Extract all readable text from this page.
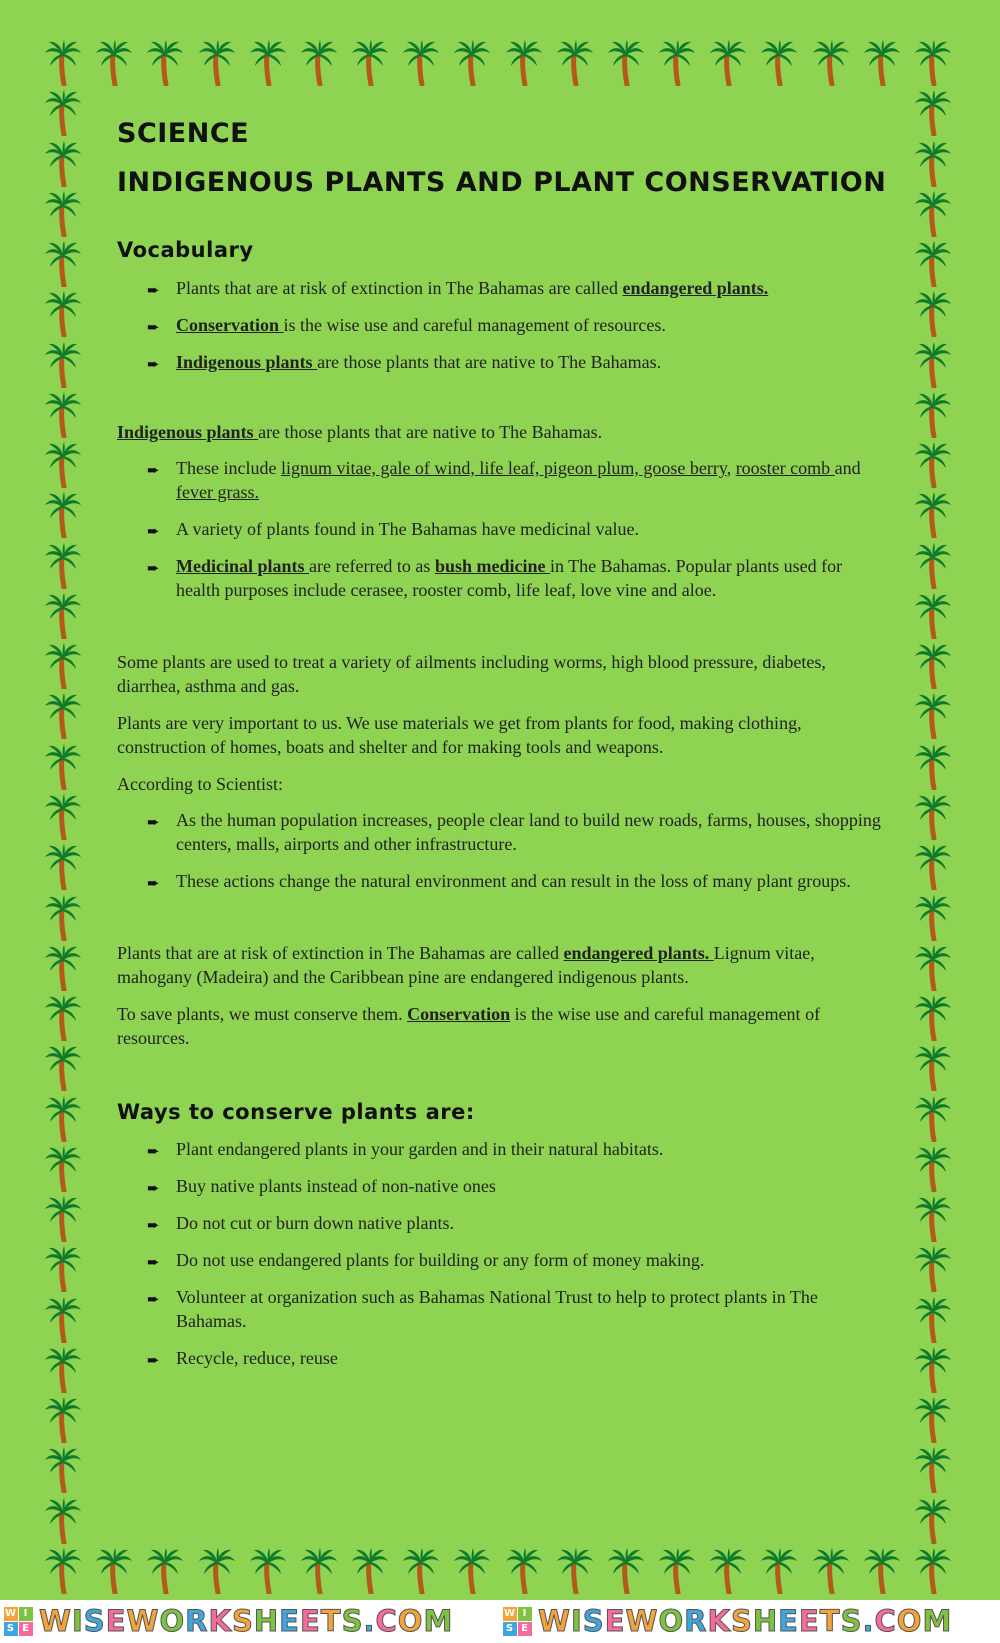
SCIENCE
INDIGENOUS PLANTS AND PLANT CONSERVATION
Vocabulary
➨ Plants that are at risk of extinction in The Bahamas are called endangered plants.
➨ Conservation is the wise use and careful management of resources.
➨ Indigenous plants are those plants that are native to The Bahamas.

Indigenous plants are those plants that are native to The Bahamas.

➨ These include lignum vitae, gale of wind, life leaf, pigeon plum, goose berry, rooster comb and fever grass.
➨ A variety of plants found in The Bahamas have medicinal value.
➨ Medicinal plants are referred to as bush medicine in The Bahamas. Popular plants used for health purposes include cerasee, rooster comb, life leaf, love vine and aloe.

Some plants are used to treat a variety of ailments including worms, high blood pressure, diabetes, diarrhea, asthma and gas.

Plants are very important to us. We use materials we get from plants for food, making clothing, construction of homes, boats and shelter and for making tools and weapons.

According to Scientist:

➨ As the human population increases, people clear land to build new roads, farms, houses, shopping centers, malls, airports and other infrastructure.
➨ These actions change the natural environment and can result in the loss of many plant groups.

Plants that are at risk of extinction in The Bahamas are called endangered plants. Lignum vitae, mahogany (Madeira) and the Caribbean pine are endangered indigenous plants.

To save plants, we must conserve them. Conservation is the wise use and careful management of resources.

Ways to conserve plants are:
➨ Plant endangered plants in your garden and in their natural habitats.
➨ Buy native plants instead of non-native ones
➨ Do not cut or burn down native plants.
➨ Do not use endangered plants for building or any form of money making.
➨ Volunteer at organization such as Bahamas National Trust to help to protect plants in The Bahamas.
➨ Recycle, reduce, reuse
W I
S E WISEWORKSHEETS.COM	W I
S E WISEWORKSHEETS.COM
